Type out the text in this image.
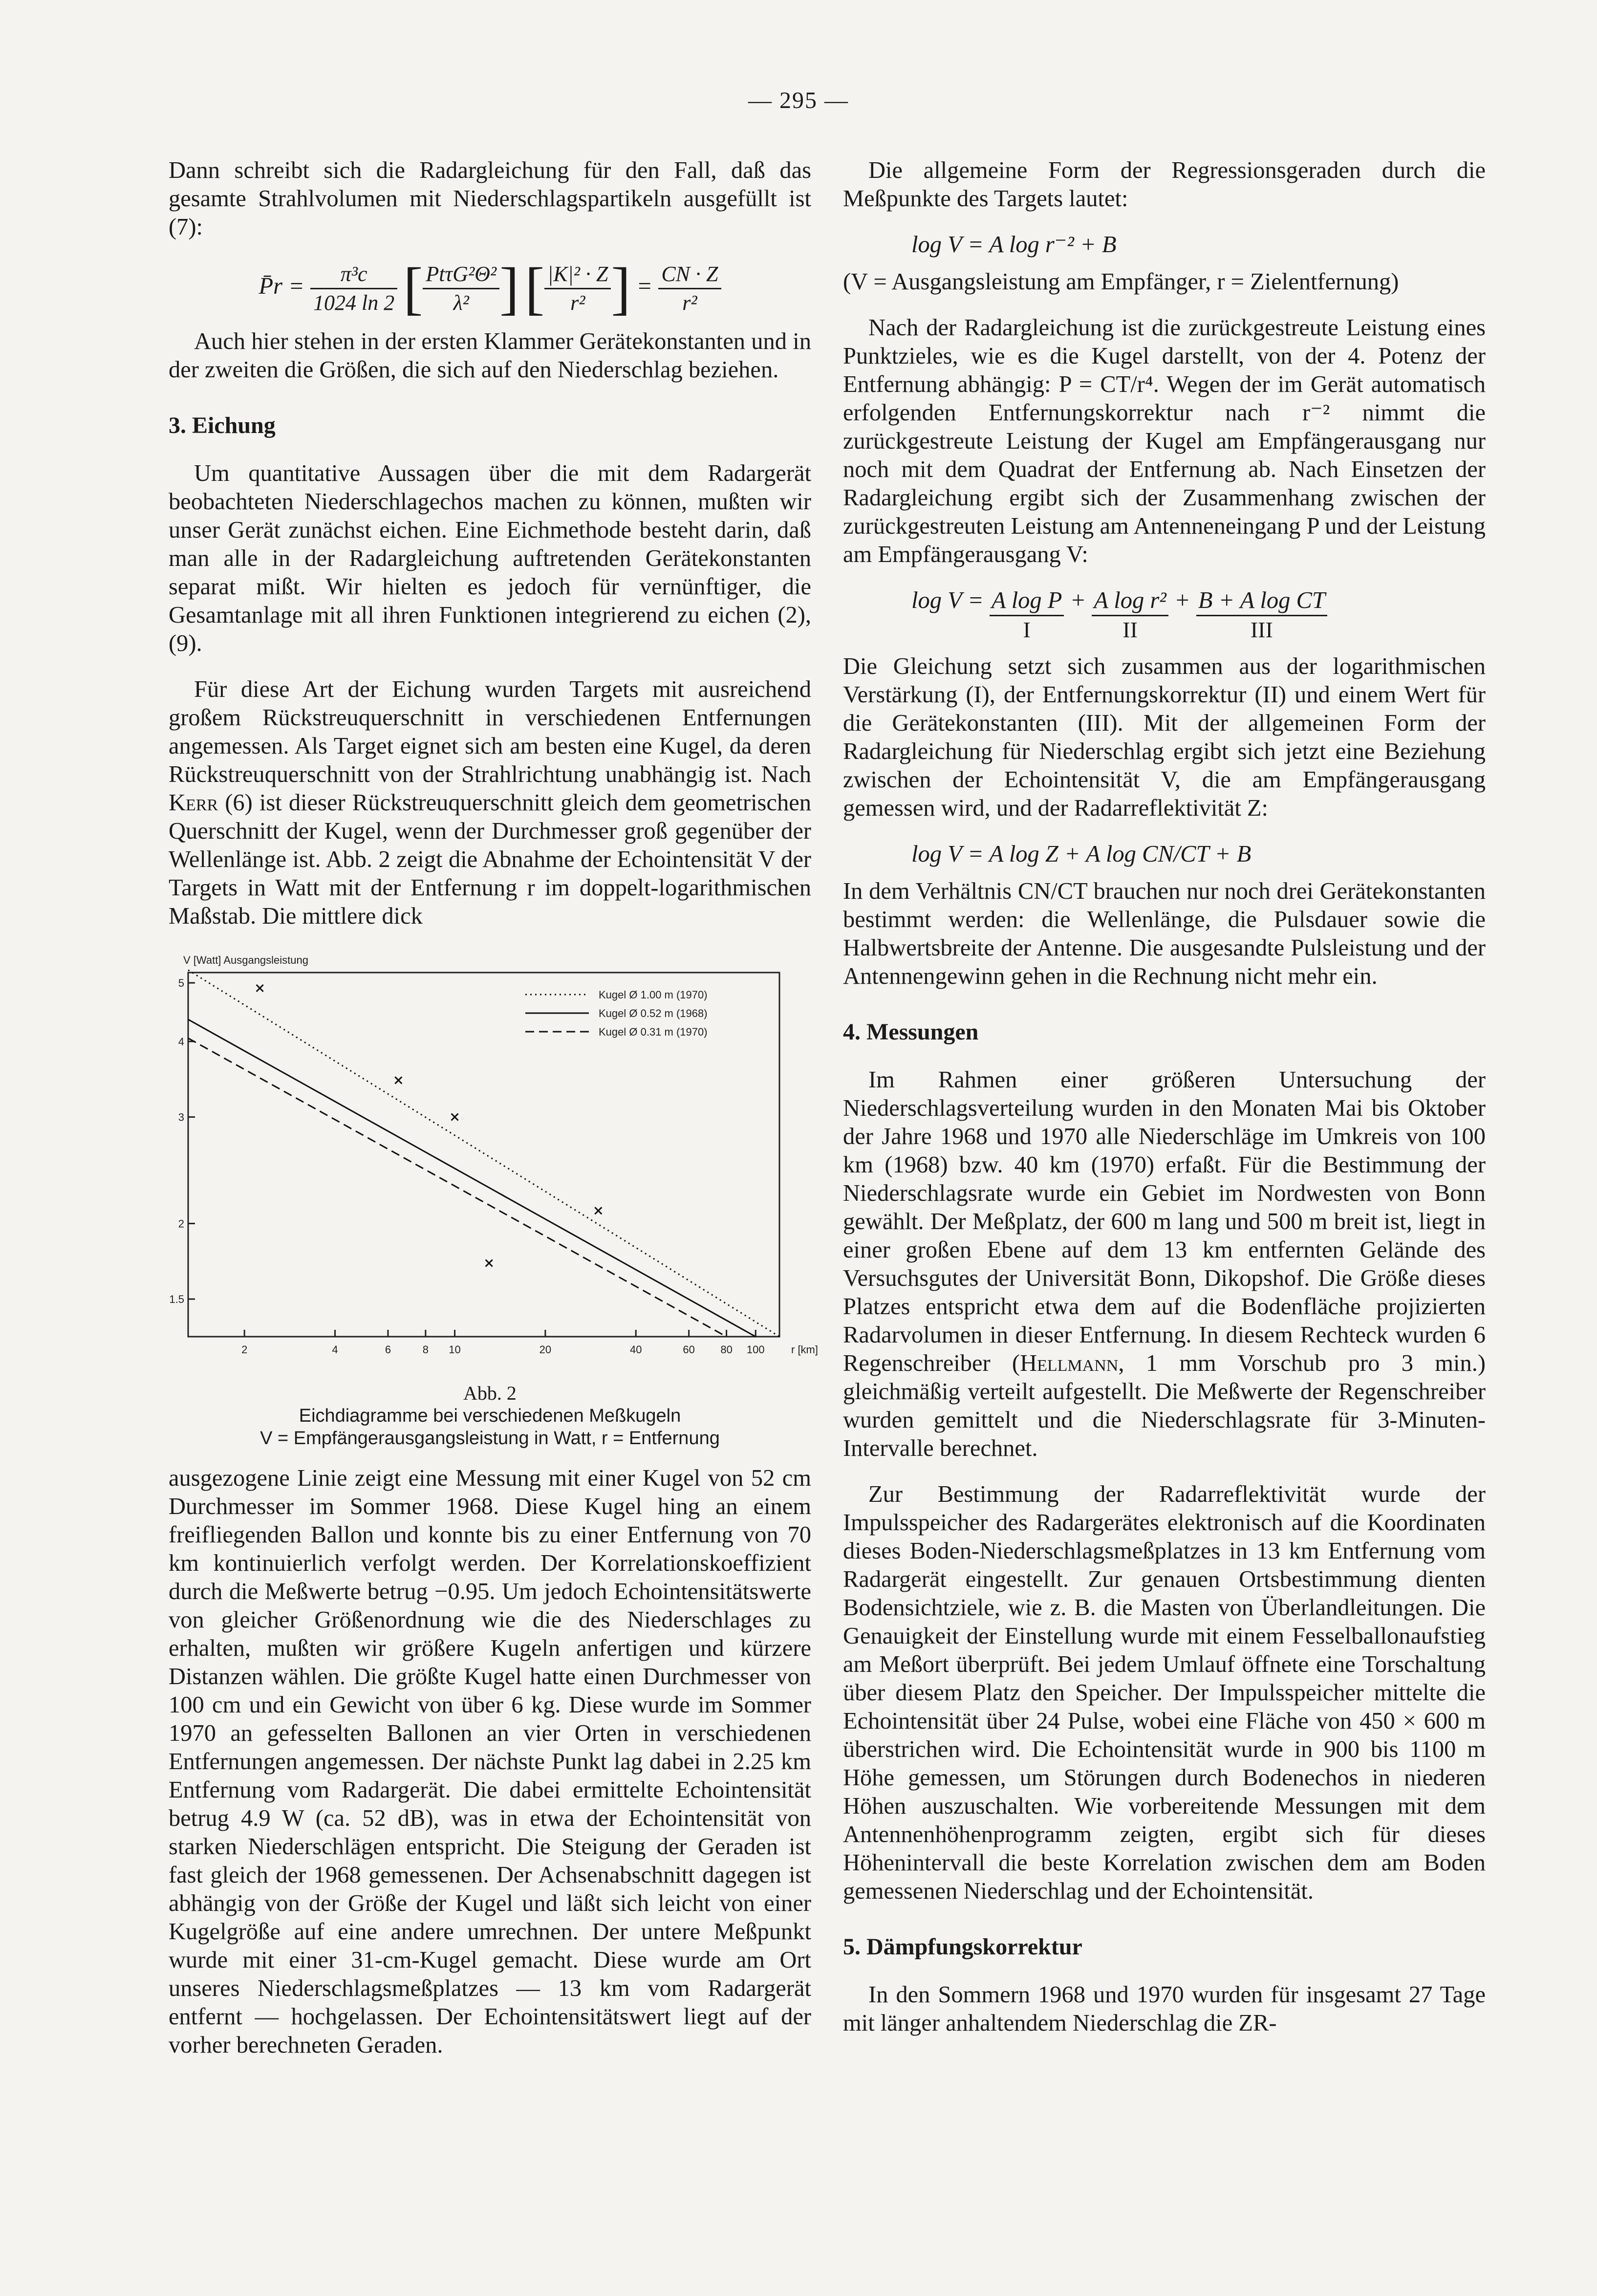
— 295 —

Dann schreibt sich die Radargleichung für den Fall, daß das gesamte Strahlvolumen mit Niederschlagspartikeln ausgefüllt ist (7):

P̄r = $\frac{\text{π³c}}{1024 \ln 2}$ [ $\frac{\text{PtτG²Θ²}}{\text{λ²}}$ ] [ $\frac{\text{|K|² · Z}}{\text{r²}}$ ] = $\frac{CN \cdot Z}{\text{r²}}$

Auch hier stehen in der ersten Klammer Gerätekonstanten und in der zweiten die Größen, die sich auf den Niederschlag beziehen.

3. Eichung

Um quantitative Aussagen über die mit dem Radargerät beobachteten Niederschlagechos machen zu können, mußten wir unser Gerät zunächst eichen. Eine Eichmethode besteht darin, daß man alle in der Radargleichung auftretenden Gerätekonstanten separat mißt. Wir hielten es jedoch für vernünftiger, die Gesamtanlage mit all ihren Funktionen integrierend zu eichen (2), (9).

Für diese Art der Eichung wurden Targets mit ausreichend großem Rückstreuquerschnitt in verschiedenen Entfernungen angemessen. Als Target eignet sich am besten eine Kugel, da deren Rückstreuquerschnitt von der Strahlrichtung unabhängig ist. Nach Kerr (6) ist dieser Rückstreuquerschnitt gleich dem geometrischen Querschnitt der Kugel, wenn der Durchmesser groß gegenüber der Wellenlänge ist. Abb. 2 zeigt die Abnahme der Echointensität V der Targets in Watt mit der Entfernung r im doppelt-logarithmischen Maßstab. Die mittlere dick

1.5
2
3
4
5
2	4	6	8 10	20	40	60 80 100
V [Watt] Ausgangsleistung
r [km]
Kugel Ø 1.00 m (1970)
Kugel Ø 0.52 m (1968)
Kugel Ø 0.31 m (1970)
Abb. 2
Eichdiagramme bei verschiedenen Meßkugeln
V = Empfängerausgangsleistung in Watt, r = Entfernung

ausgezogene Linie zeigt eine Messung mit einer Kugel von 52 cm Durchmesser im Sommer 1968. Diese Kugel hing an einem freifliegenden Ballon und konnte bis zu einer Entfernung von 70 km kontinuierlich verfolgt werden. Der Korrelationskoeffizient durch die Meßwerte betrug −0.95. Um jedoch Echointensitätswerte von gleicher Größenordnung wie die des Niederschlages zu erhalten, mußten wir größere Kugeln anfertigen und kürzere Distanzen wählen. Die größte Kugel hatte einen Durchmesser von 100 cm und ein Gewicht von über 6 kg. Diese wurde im Sommer 1970 an gefesselten Ballonen an vier Orten in verschiedenen Entfernungen angemessen. Der nächste Punkt lag dabei in 2.25 km Entfernung vom Radargerät. Die dabei ermittelte Echointensität betrug 4.9 W (ca. 52 dB), was in etwa der Echointensität von starken Niederschlägen entspricht. Die Steigung der Geraden ist fast gleich der 1968 gemessenen. Der Achsenabschnitt dagegen ist abhängig von der Größe der Kugel und läßt sich leicht von einer Kugelgröße auf eine andere umrechnen. Der untere Meßpunkt wurde mit einer 31-cm-Kugel gemacht. Diese wurde am Ort unseres Niederschlagsmeßplatzes — 13 km vom Radargerät entfernt — hochgelassen. Der Echointensitätswert liegt auf der vorher berechneten Geraden.

Die allgemeine Form der Regressionsgeraden durch die Meßpunkte des Targets lautet:

log V = A log r⁻² + B

(V = Ausgangsleistung am Empfänger, r = Zielentfernung)

Nach der Radargleichung ist die zurückgestreute Leistung eines Punktzieles, wie es die Kugel darstellt, von der 4. Potenz der Entfernung abhängig: P = CT/r⁴. Wegen der im Gerät automatisch erfolgenden Entfernungskorrektur nach r⁻² nimmt die zurückgestreute Leistung der Kugel am Empfängerausgang nur noch mit dem Quadrat der Entfernung ab. Nach Einsetzen der Radargleichung ergibt sich der Zusammenhang zwischen der zurückgestreuten Leistung am Antenneneingang P und der Leistung am Empfängerausgang V:

$\log V = \frac{\text{A log P}}{I} + \frac{\text{A log r²}}{II} + B + A$ log CT
III

Die Gleichung setzt sich zusammen aus der logarithmischen Verstärkung (I), der Entfernungskorrektur (II) und einem Wert für die Gerätekonstanten (III). Mit der allgemeinen Form der Radargleichung für Niederschlag ergibt sich jetzt eine Beziehung zwischen der Echointensität V, die am Empfängerausgang gemessen wird, und der Radarreflektivität Z:

log V = A log Z + A log CN/CT + B

In dem Verhältnis CN/CT brauchen nur noch drei Gerätekonstanten bestimmt werden: die Wellenlänge, die Pulsdauer sowie die Halbwertsbreite der Antenne. Die ausgesandte Pulsleistung und der Antennengewinn gehen in die Rechnung nicht mehr ein.

4. Messungen

Im Rahmen einer größeren Untersuchung der Niederschlagsverteilung wurden in den Monaten Mai bis Oktober der Jahre 1968 und 1970 alle Niederschläge im Umkreis von 100 km (1968) bzw. 40 km (1970) erfaßt. Für die Bestimmung der Niederschlagsrate wurde ein Gebiet im Nordwesten von Bonn gewählt. Der Meßplatz, der 600 m lang und 500 m breit ist, liegt in einer großen Ebene auf dem 13 km entfernten Gelände des Versuchsgutes der Universität Bonn, Dikopshof. Die Größe dieses Platzes entspricht etwa dem auf die Bodenfläche projizierten Radarvolumen in dieser Entfernung. In diesem Rechteck wurden 6 Regenschreiber (Hellmann, 1 mm Vorschub pro 3 min.) gleichmäßig verteilt aufgestellt. Die Meßwerte der Regenschreiber wurden gemittelt und die Niederschlagsrate für 3-Minuten-Intervalle berechnet.

Zur Bestimmung der Radarreflektivität wurde der Impulsspeicher des Radargerätes elektronisch auf die Koordinaten dieses Boden-Niederschlagsmeßplatzes in 13 km Entfernung vom Radargerät eingestellt. Zur genauen Ortsbestimmung dienten Bodensichtziele, wie z. B. die Masten von Überlandleitungen. Die Genauigkeit der Einstellung wurde mit einem Fesselballonaufstieg am Meßort überprüft. Bei jedem Umlauf öffnete eine Torschaltung über diesem Platz den Speicher. Der Impulsspeicher mittelte die Echointensität über 24 Pulse, wobei eine Fläche von 450 × 600 m überstrichen wird. Die Echointensität wurde in 900 bis 1100 m Höhe gemessen, um Störungen durch Bodenechos in niederen Höhen auszuschalten. Wie vorbereitende Messungen mit dem Antennenhöhenprogramm zeigten, ergibt sich für dieses Höhenintervall die beste Korrelation zwischen dem am Boden gemessenen Niederschlag und der Echointensität.

5. Dämpfungskorrektur

In den Sommern 1968 und 1970 wurden für insgesamt 27 Tage mit länger anhaltendem Niederschlag die ZR-
